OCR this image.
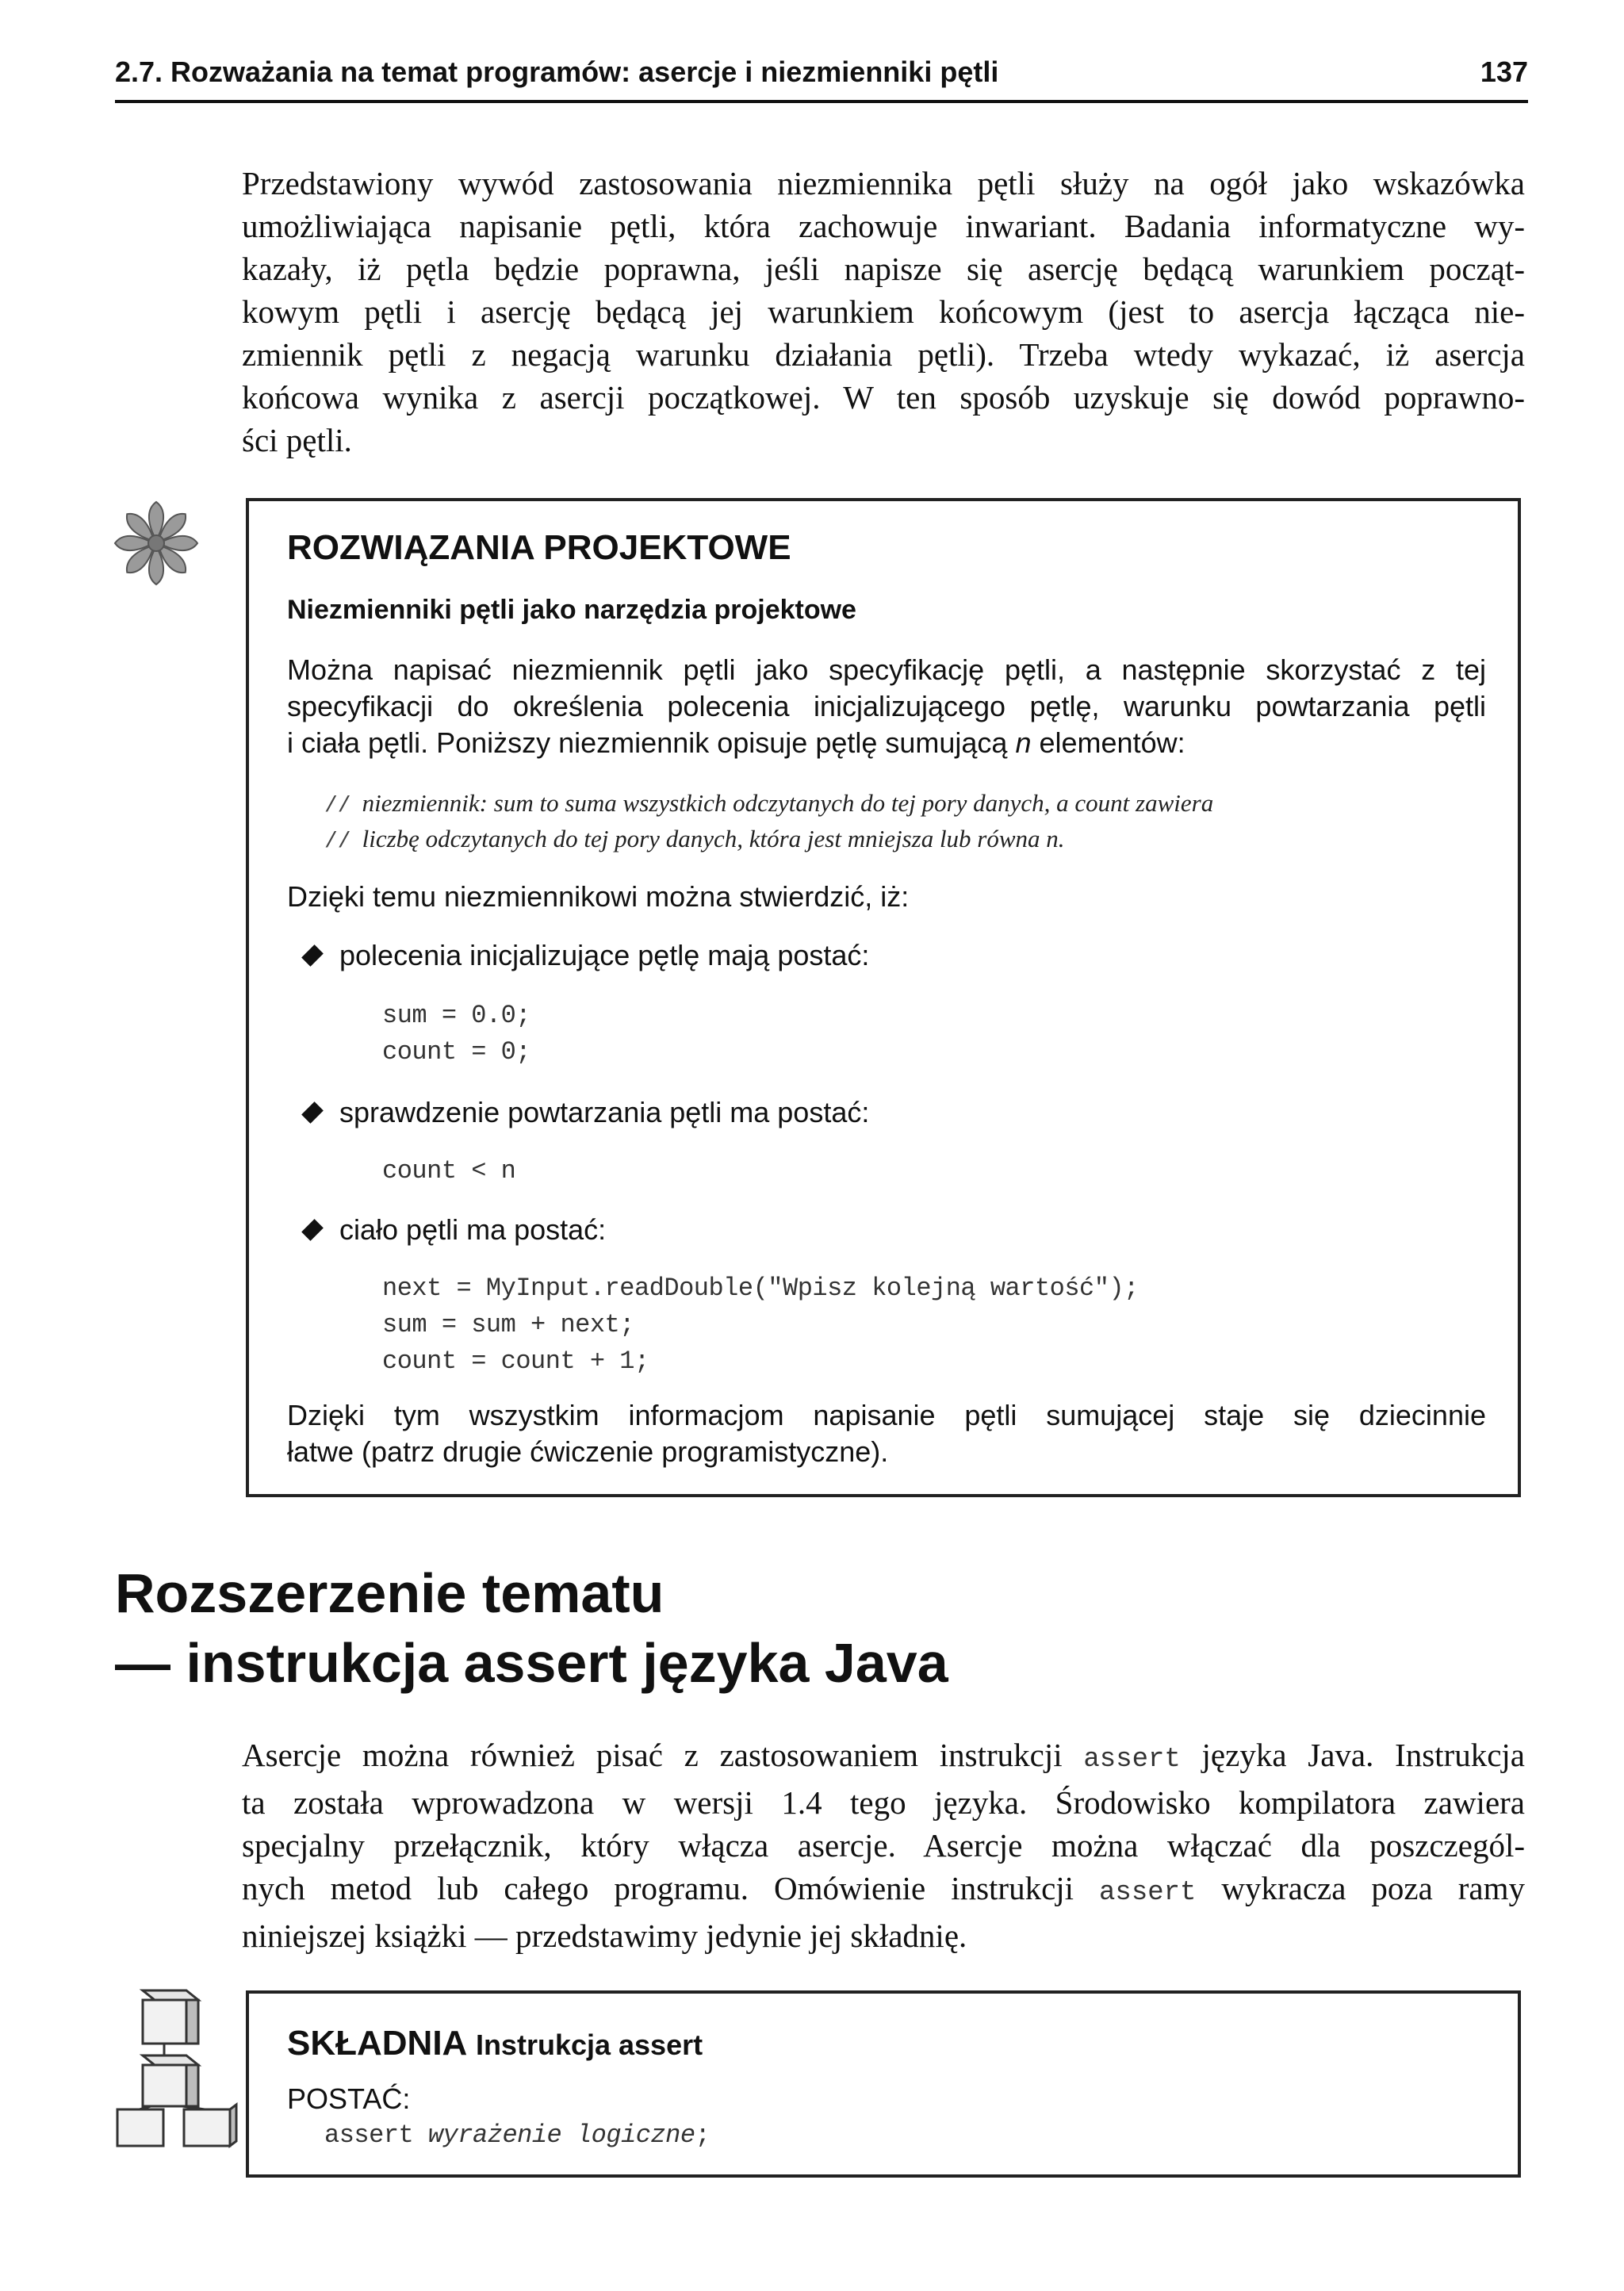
2.7. Rozważania na temat programów: asercje i niezmienniki pętli	137
Przedstawiony wywód zastosowania niezmiennika pętli służy na ogół jako wskazówka
umożliwiająca napisanie pętli, która zachowuje inwariant. Badania informatyczne wy-
kazały, iż pętla będzie poprawna, jeśli napisze się asercję będącą warunkiem począt-
kowym pętli i asercję będącą jej warunkiem końcowym (jest to asercja łącząca nie-
zmiennik pętli z negacją warunku działania pętli). Trzeba wtedy wykazać, iż asercja
końcowa wynika z asercji początkowej. W ten sposób uzyskuje się dowód poprawno-
ści pętli.
ROZWIĄZANIA PROJEKTOWE
Niezmienniki pętli jako narzędzia projektowe
Można napisać niezmiennik pętli jako specyfikację pętli, a następnie skorzystać z tej
specyfikacji do określenia polecenia inicjalizującego pętlę, warunku powtarzania pętli
i ciała pętli. Poniższy niezmiennik opisuje pętlę sumującą n elementów:
// niezmiennik: sum to suma wszystkich odczytanych do tej pory danych, a count zawiera
// liczbę odczytanych do tej pory danych, która jest mniejsza lub równa n.
Dzięki temu niezmiennikowi można stwierdzić, iż:
polecenia inicjalizujące pętlę mają postać:
sum = 0.0;
count = 0;
sprawdzenie powtarzania pętli ma postać:
count < n
ciało pętli ma postać:
next = MyInput.readDouble("Wpisz kolejną wartość");
sum = sum + next;
count = count + 1;
Dzięki tym wszystkim informacjom napisanie pętli sumującej staje się dziecinnie
łatwe (patrz drugie ćwiczenie programistyczne).
Rozszerzenie tematu
— instrukcja assert języka Java
Asercje można również pisać z zastosowaniem instrukcji assert języka Java. Instrukcja
ta została wprowadzona w wersji 1.4 tego języka. Środowisko kompilatora zawiera
specjalny przełącznik, który włącza asercje. Asercje można włączać dla poszczegól-
nych metod lub całego programu. Omówienie instrukcji assert wykracza poza ramy
niniejszej książki — przedstawimy jedynie jej składnię.
SKŁADNIA Instrukcja assert
POSTAĆ:
assert wyrażenie logiczne;
